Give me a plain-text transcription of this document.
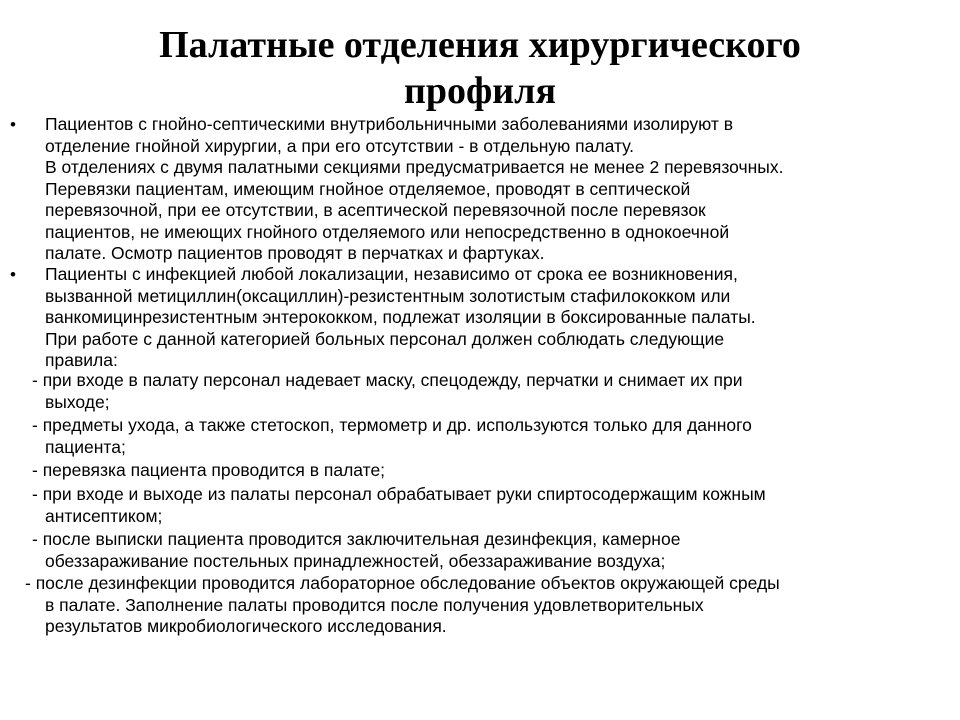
Палатные отделения хирургического
профиля
• Пациентов с гнойно-септическими внутрибольничными заболеваниями изолируют в
отделение гнойной хирургии, а при его отсутствии - в отдельную палату.
В отделениях с двумя палатными секциями предусматривается не менее 2 перевязочных.
Перевязки пациентам, имеющим гнойное отделяемое, проводят в септической
перевязочной, при ее отсутствии, в асептической перевязочной после перевязок
пациентов, не имеющих гнойного отделяемого или непосредственно в однокоечной
палате. Осмотр пациентов проводят в перчатках и фартуках.
• Пациенты с инфекцией любой локализации, независимо от срока ее возникновения,
вызванной метициллин(оксациллин)-резистентным золотистым стафилококком или
ванкомицинрезистентным энтерококком, подлежат изоляции в боксированные палаты.
При работе с данной категорией больных персонал должен соблюдать следующие
правила:
- при входе в палату персонал надевает маску, спецодежду, перчатки и снимает их при
выходе;
- предметы ухода, а также стетоскоп, термометр и др. используются только для данного
пациента;
- перевязка пациента проводится в палате;
- при входе и выходе из палаты персонал обрабатывает руки спиртосодержащим кожным
антисептиком;
- после выписки пациента проводится заключительная дезинфекция, камерное
обеззараживание постельных принадлежностей, обеззараживание воздуха;
- после дезинфекции проводится лабораторное обследование объектов окружающей среды
в палате. Заполнение палаты проводится после получения удовлетворительных
результатов микробиологического исследования.
